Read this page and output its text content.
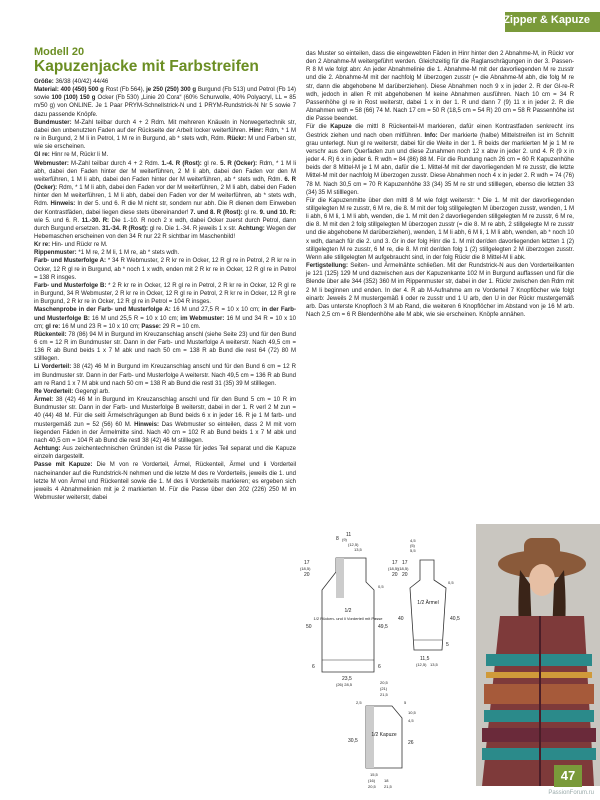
Zipper & Kapuze
Modell 20
Kapuzenjacke mit Farbstreifen

Größe: 36/38 (40/42) 44/46

Material: 400 (450) 500 g Rost (Fb 564), je 250 (250) 300 g Burgund (Fb 513) und Petrol (Fb 14) sowie 100 (100) 150 g Ocker (Fb 530) „Linie 20 Cora“ (60% Schurwolle, 40% Polyacryl, LL = 85 m/50 g) von ONLINE. Je 1 Paar PRYM-Schnellstrick-N und 1 PRYM-Rundstrick-N Nr 5 sowie 7 dazu passende Knöpfe.

Bundmuster: M-Zahl teilbar durch 4 + 2 Rdm. Mit mehreren Knäueln in Norwegertechnik str, dabei den unbenutzten Faden auf der Rückseite der Arbeit locker weiterführen. Hinr: Rdm, * 1 M re in Burgund, 2 M li in Petrol, 1 M re in Burgund, ab * stets wdh, Rdm. Rückr: M und Farben str, wie sie erscheinen.

Gl re: Hinr re M, Rückr li M.

Webmuster: M-Zahl teilbar durch 4 + 2 Rdm. 1.-4. R (Rost): gl re. 5. R (Ocker): Rdm, * 1 M li abh, dabei den Faden hinter der M weiterführen, 2 M li abh, dabei den Faden vor den M weiterführen, 1 M li abh, dabei den Faden hinter der M weiterführen, ab * stets wdh, Rdm. 6. R (Ocker): Rdm, * 1 M li abh, dabei den Faden vor der M weiterführen, 2 M li abh, dabei den Faden hinter den M weiterführen, 1 M li abh, dabei den Faden vor der M weiterführen, ab * stets wdh, Rdm. Hinweis: In der 5. und 6. R die M nicht str, sondern nur abh. Die R dienen dem Einweben der Kontrastfäden, dabei liegen diese stets übereinander! 7. und 8. R (Rost): gl re. 9. und 10. R: wie 5. und 6. R. 11.-30. R: Die 1.-10. R noch 2 x wdh, dabei Ocker zuerst durch Petrol, dann durch Burgund ersetzen. 31.-34. R (Rost): gl re. Die 1.-34. R jeweils 1 x str. Achtung: Wegen der Hebemaschen erscheinen von den 34 R nur 22 R sichtbar im Maschenbild!

Kr re: Hin- und Rückr re M.

Rippenmuster: *1 M re, 2 M li, 1 M re, ab * stets wdh.

Farb- und Musterfolge A: * 34 R Webmuster, 2 R kr re in Ocker, 12 R gl re in Petrol, 2 R kr re in Ocker, 12 R gl re in Burgund, ab * noch 1 x wdh, enden mit 2 R kr re in Ocker, 12 R gl re in Petrol = 138 R insges.

Farb- und Musterfolge B: * 2 R kr re in Ocker, 12 R gl re in Petrol, 2 R kr re in Ocker, 12 R gl re in Burgund, 34 R Webmuster, 2 R kr re in Ocker, 12 R gl re in Petrol, 2 R kr re in Ocker, 12 R gl re in Burgund, 2 R kr re in Ocker, 12 R gl re in Petrol = 104 R insges.

Maschenprobe in der Farb- und Musterfolge A: 16 M und 27,5 R = 10 x 10 cm; in der Farb- und Musterfolge B: 16 M und 25,5 R = 10 x 10 cm; im Webmuster: 16 M und 34 R = 10 x 10 cm; gl re: 16 M und 23 R = 10 x 10 cm; Passe: 29 R = 10 cm.

Rückenteil: 78 (86) 94 M in Burgund im Kreuzanschlag anschl (siehe Seite 23) und für den Bund 6 cm = 12 R im Bundmuster str. Dann in der Farb- und Musterfolge A weiterstr. Nach 49,5 cm = 136 R ab Bund beids 1 x 7 M abk und nach 50 cm = 138 R ab Bund die rest 64 (72) 80 M stilllegen.

Li Vorderteil: 38 (42) 46 M in Burgund im Kreuzanschlag anschl und für den Bund 6 cm = 12 R im Bundmuster str. Dann in der Farb- und Musterfolge A weiterstr. Nach 49,5 cm = 136 R ab Bund am re Rand 1 x 7 M abk und nach 50 cm = 138 R ab Bund die restl 31 (35) 39 M stilllegen.

Re Vorderteil: Gegengl arb.

Ärmel: 38 (42) 46 M in Burgund im Kreuzanschlag anschl und für den Bund 5 cm = 10 R im Bundmuster str. Dann in der Farb- und Musterfolge B weiterstr, dabei in der 1. R verl 2 M zun = 40 (44) 48 M. Für die seitl Ärmelschrägungen ab Bund beids 6 x in jeder 16. R je 1 M farb- und mustergemäß zun = 52 (56) 60 M. Hinweis: Das Webmuster so einteilen, dass 2 M mit vorn liegenden Fäden in der Ärmelmitte sind. Nach 40 cm = 102 R ab Bund beids 1 x 7 M abk und nach 40,5 cm = 104 R ab Bund die restl 38 (42) 46 M stilllegen.

Achtung: Aus zeichentechnischen Gründen ist die Passe für jedes Teil separat und die Kapuze einzeln dargestellt.

Passe mit Kapuze: Die M von re Vorderteil, Ärmel, Rückenteil, Ärmel und li Vorderteil nacheinander auf die Rundstrick-N nehmen und die letzte M des re Vorderteils, jeweils die 1. und letzte M von Ärmel und Rückenteil sowie die 1. M des li Vorderteils markieren; es ergeben sich jeweils 4 Abnahmelinien mit je 2 markierten M. Für die Passe über den 202 (226) 250 M im Webmuster weiterstr, dabei

das Muster so einteilen, dass die eingewebten Fäden in Hinr hinter den 2 Abnahme-M, in Rückr vor den 2 Abnahme-M weitergeführt werden. Gleichzeitig für die Raglanschrägungen in der 3. Passen-R 8 M wie folgt abn: An jeder Abnahmelinie die 1. Abnahme-M mit der davorliegenden M re zusstr und die 2. Abnahme-M mit der nachfolg M überzogen zusstr (= die Abnahme-M abh, die folg M re str, dann die abgehobene M darüberziehen). Diese Abnahmen noch 9 x in jeder 2. R der Gl-re-R wdh, jedoch in allen R mit abgehobenen M keine Abnahmen ausführen. Nach 10 cm = 34 R Passenhöhe gl re in Rost weiterstr, dabei 1 x in der 1. R und dann 7 (9) 11 x in jeder 2. R die Abnahmen wdh = 58 (66) 74 M. Nach 17 cm = 50 R (18,5 cm = 54 R) 20 cm = 58 R Passenhöhe ist die Passe beendet.

Für die Kapuze die mittl 8 Rückenteil-M markieren, dafür einen Kontrastfaden senkrecht ins Gestrick ziehen und nach oben mitführen. Info: Der markierte (halbe) Mittelstreifen ist im Schnitt grau unterlegt. Nun gl re weiterstr, dabei für die Weite in der 1. R beids der markierten M je 1 M re verschr aus dem Querfaden zun und diese Zunahmen noch 12 x abw in jeder 2. und 4. R (9 x in jeder 4. R) 6 x in jeder 6. R wdh = 84 (86) 88 M. Für die Rundung nach 26 cm = 60 R Kapuzenhöhe beids der 8 Mittel-M je 1 M abn, dafür die 1. Mittel-M mit der davorliegenden M re zusstr, die letzte Mittel-M mit der nachfolg M überzogen zusstr. Diese Abnahmen noch 4 x in jeder 2. R wdh = 74 (76) 78 M. Nach 30,5 cm = 70 R Kapuzenhöhe 33 (34) 35 M re str und stilllegen, ebenso die letzten 33 (34) 35 M stilllegen.

Für die Kapuzenmitte über den mittl 8 M wie folgt weiterstr: * Die 1. M mit der davorliegenden stillgelegten M re zusstr, 6 M re, die 8. M mit der folg stillgelegten M überzogen zusstr, wenden, 1 M li abh, 6 M li, 1 M li abh, wenden, die 1. M mit den 2 davorliegenden stillgelegten M re zusstr, 6 M re, die 8. M mit den 2 folg stillgelegten M überzogen zusstr (= die 8. M re abh, 2 stillgelegte M re zusstr und die abgehobene M darüberziehen), wenden, 1 M li abh, 6 M li, 1 M li abh, wenden, ab * noch 10 x wdh, danach für die 2. und 3. Gr in der folg Hinr die 1. M mit der/den davorliegenden letzten 1 (2) stillgelegten M re zusstr, 6 M re, die 8. M mit der/den folg 1 (2) stillgelegten 2 M überzogen zusstr. Wenn alle stillgelegten M aufgebraucht sind, in der folg Rückr die 8 Mittel-M li abk.

Fertigstellung: Seiten- und Ärmelnähte schließen. Mit der Rundstrick-N aus den Vorderteilkanten je 121 (125) 129 M und dazwischen aus der Kapuzenkante 102 M in Burgund auffassen und für die Blende über alle 344 (352) 360 M im Rippenmuster str, dabei in der 1. Rückr zwischen den Rdm mit 2 M li beginnen und enden. In der 4. R ab M-Aufnahme am re Vorderteil 7 Knopflöcher wie folgt einarb: Jeweils 2 M mustergemäß li oder re zusstr und 1 U arb, den U in der Rückr mustergemäß arb. Das unterste Knopfloch 3 M ab Rand, die weiteren 6 Knopflöcher im Abstand von je 16 M arb. Nach 2,5 cm = 6 R Blendenhöhe alle M abk, wie sie erscheinen. Knöpfe annähen.

1/2
1/2 Rücken- und li Vorderteil mit Passe
8
11
(9)
(12,5)
13,5
17
(18,5)
20
17
(18,5)
20
0,5
50	49,5
6	6
23,5
(26) 28,5
1/2 Ärmel
4,5
(5)
5,5
17
(18,5)
20
0,5
40,5
40
5
11,5
(12,5) 13,5
1/2 Kapuze
2,5	5
10,5
4,5
30,5	26
20,5
(21)
21,5
15,5
(16) 18
20,5 21,5
47
PassionForum.ru
